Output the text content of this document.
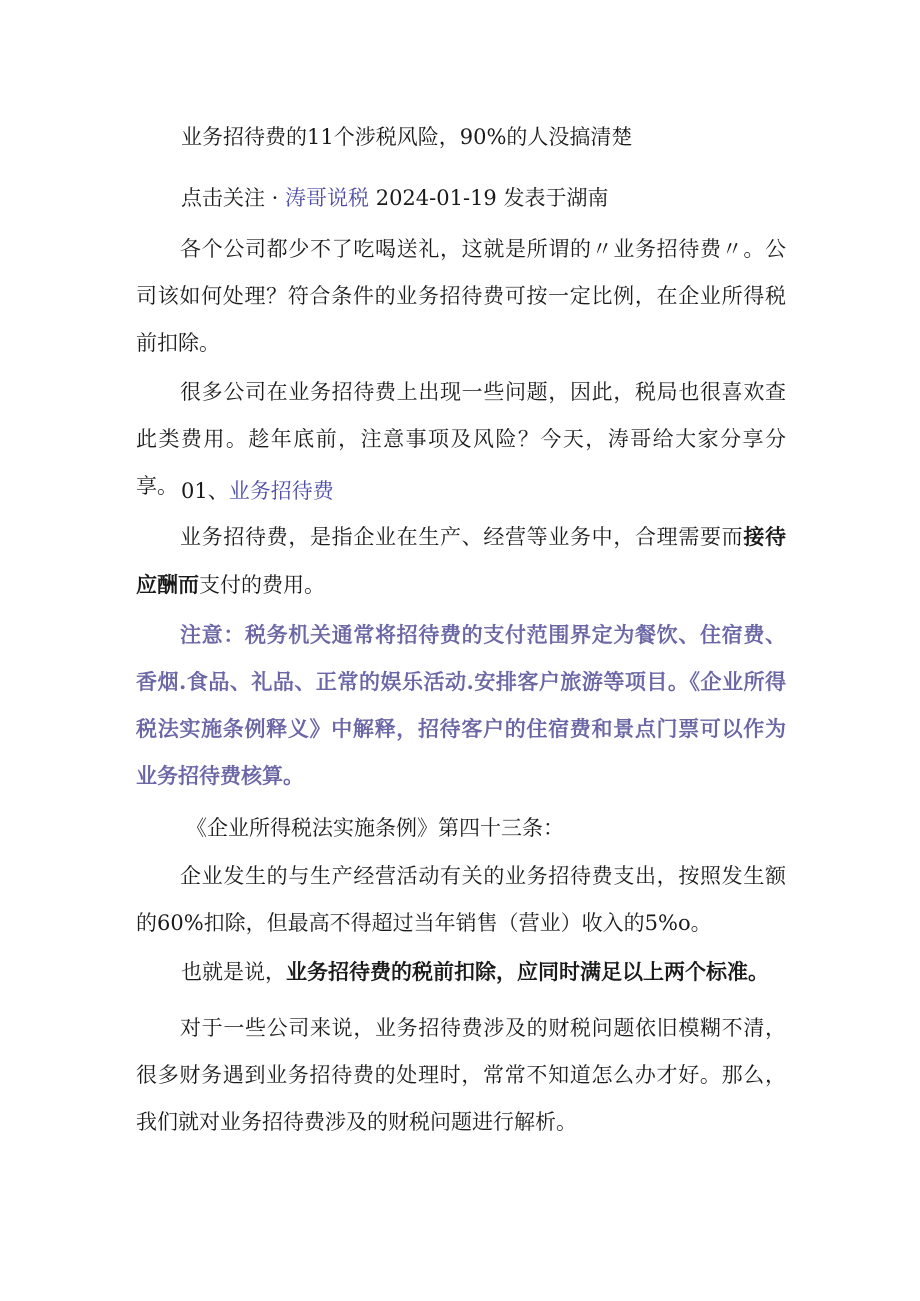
业务招待费的11个涉税风险，90%的人没搞清楚
点击关注 · 涛哥说税 2024-01-19 发表于湖南
各个公司都少不了吃喝送礼，这就是所谓的〃业务招待费〃。公司该如何处理？符合条件的业务招待费可按一定比例，在企业所得税前扣除。
很多公司在业务招待费上出现一些问题，因此，税局也很喜欢查此类费用。趁年底前，注意事项及风险？今天，涛哥给大家分享分享。 01、业务招待费
业务招待费，是指企业在生产、经营等业务中，合理需要而接待应酬而支付的费用。
注意：税务机关通常将招待费的支付范围界定为餐饮、住宿费、香烟.食品、礼品、正常的娱乐活动.安排客户旅游等项目。《企业所得税法实施条例释义》中解释，招待客户的住宿费和景点门票可以作为业务招待费核算。
《企业所得税法实施条例》第四十三条：
企业发生的与生产经营活动有关的业务招待费支出，按照发生额的60%扣除，但最高不得超过当年销售（营业）收入的5%o。
也就是说，业务招待费的税前扣除，应同时满足以上两个标准。
对于一些公司来说，业务招待费涉及的财税问题依旧模糊不清，很多财务遇到业务招待费的处理时，常常不知道怎么办才好。那么，我们就对业务招待费涉及的财税问题进行解析。
